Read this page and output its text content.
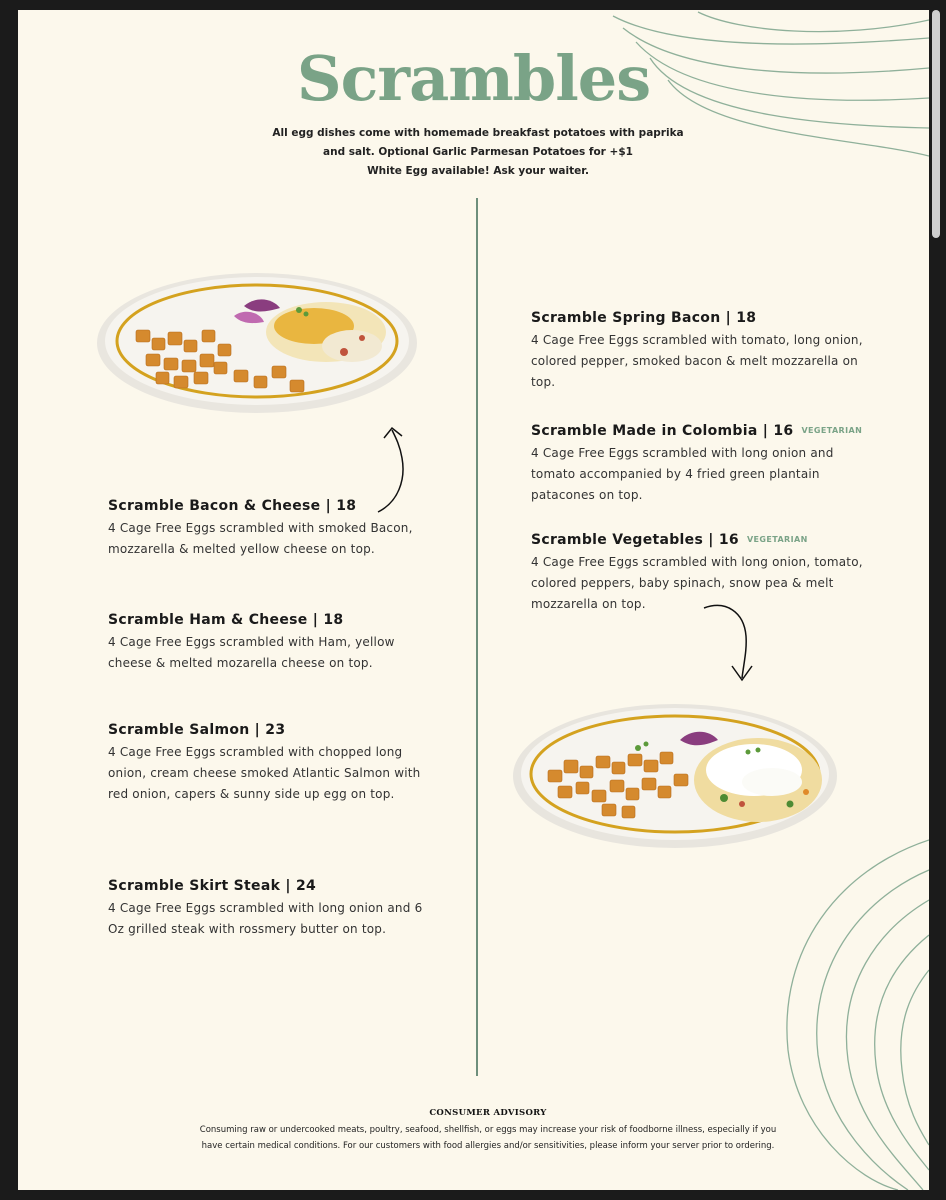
Scrambles
All egg dishes come with homemade breakfast potatoes with paprika
and salt. Optional Garlic Parmesan Potatoes for +$1
White Egg available! Ask your waiter.
Scramble Bacon & Cheese | 18
4 Cage Free Eggs scrambled with smoked Bacon, mozzarella & melted yellow cheese on top.
Scramble Ham & Cheese | 18
4 Cage Free Eggs scrambled with Ham, yellow cheese & melted mozarella cheese on top.
Scramble Salmon | 23
4 Cage Free Eggs scrambled with chopped long onion, cream cheese smoked Atlantic Salmon with red onion, capers & sunny side up egg on top.
Scramble Skirt Steak | 24
4 Cage Free Eggs scrambled with long onion and 6 Oz grilled steak with rossmery butter on top.
Scramble Spring Bacon | 18
4 Cage Free Eggs scrambled with tomato, long onion, colored pepper, smoked bacon & melt mozzarella on top.
Scramble Made in Colombia | 16 VEGETARIAN
4 Cage Free Eggs scrambled with long onion and tomato accompanied by 4 fried green plantain patacones on top.
Scramble Vegetables | 16 VEGETARIAN
4 Cage Free Eggs scrambled with long onion, tomato, colored peppers, baby spinach, snow pea & melt mozzarella on top.
CONSUMER ADVISORY
Consuming raw or undercooked meats, poultry, seafood, shellfish, or eggs may increase your risk of foodborne illness, especially if you
have certain medical conditions. For our customers with food allergies and/or sensitivities, please inform your server prior to ordering.
